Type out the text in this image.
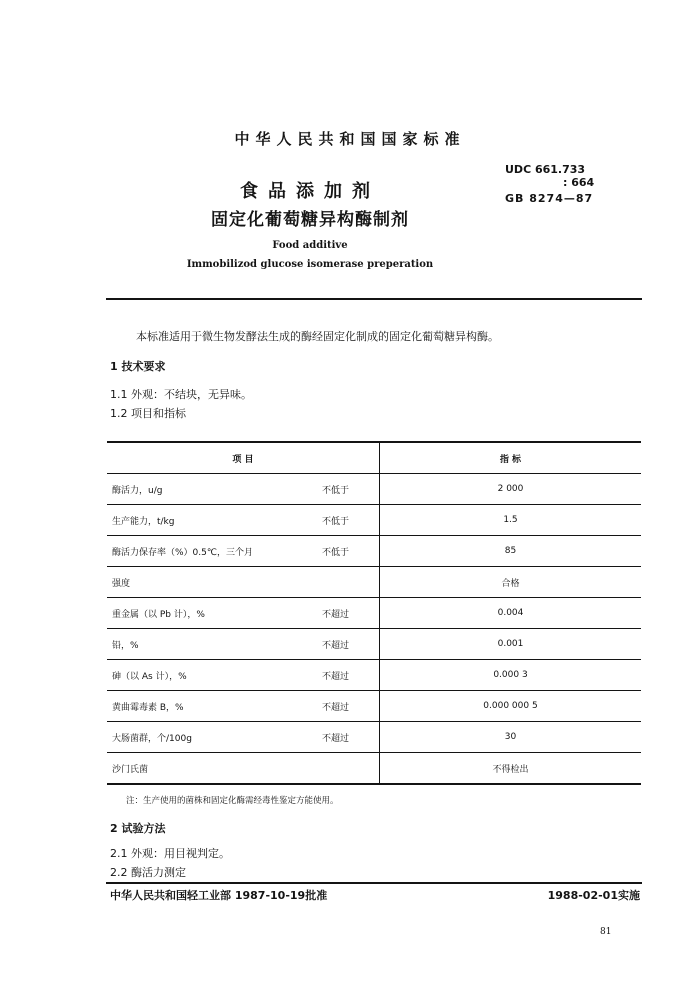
中华人民共和国国家标准
食品添加剂
固定化葡萄糖异构酶制剂
Food additive
Immobilizod glucose isomerase preperation
UDC 661.733
: 664
GB 8274—87
本标准适用于微生物发酵法生成的酶经固定化制成的固定化葡萄糖异构酶。
1 技术要求
1.1 外观：不结块，无异味。
1.2 项目和指标
项 目		指 标
酶活力，u/g	不低于	2 000
生产能力，t/kg	不低于	1.5
酶活力保存率（%）0.5℃，三个月	不低于	85
强度		合格
重金属（以 Pb 计），%	不超过	0.004
铅，%	不超过	0.001
砷（以 As 计），%	不超过	0.000 3
黄曲霉毒素 B，%	不超过	0.000 000 5
大肠菌群，个/100g	不超过	30
沙门氏菌		不得检出
注：生产使用的菌株和固定化酶需经毒性鉴定方能使用。
2 试验方法
2.1 外观：用目视判定。
2.2 酶活力测定
中华人民共和国轻工业部 1987-10-19批准	1988-02-01实施
81
